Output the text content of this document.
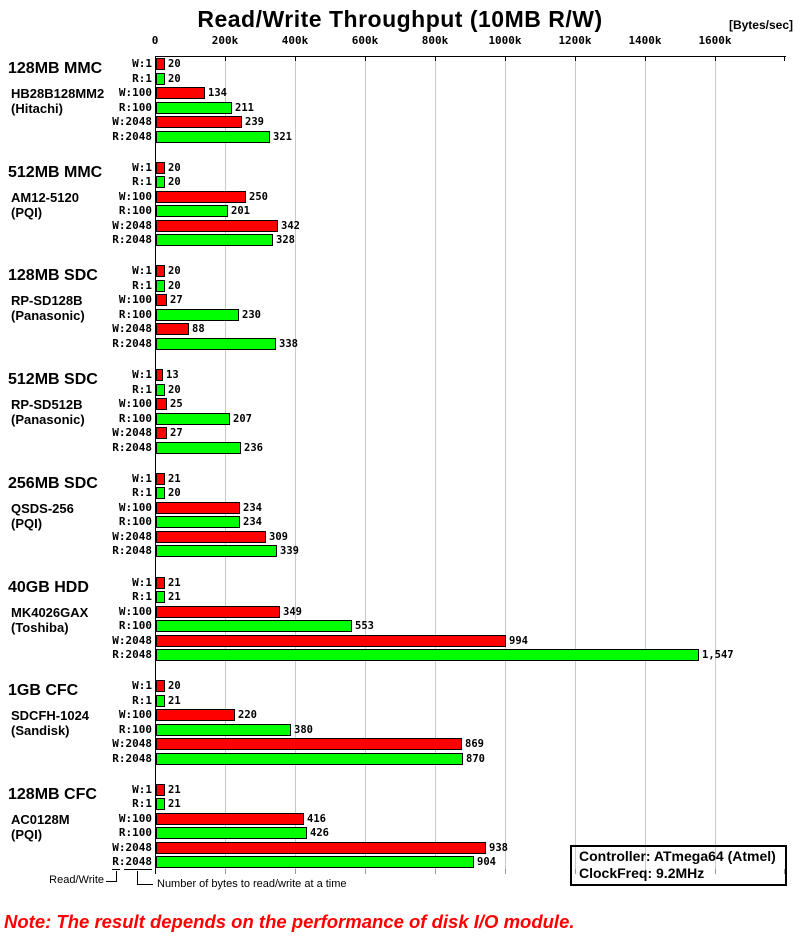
Read/Write Throughput (10MB R/W)	[Bytes/sec]
0	200k	400k	600k	800k	1000k	1200k	1400k	1600k
W:1 20
R:1 20
W:100	134
R:100	211
W:2048	239
R:2048	321
W:1 20
R:1 20
W:100	250
R:100	201
W:2048	342
R:2048	328
W:1 20
R:1 20
W:100 27
R:100	230
W:2048	88
R:2048	338
W:1 13
R:1 20
W:100 25
R:100	207
W:2048 27
R:2048	236
W:1 21
R:1 20
W:100	234
R:100	234
W:2048	309
R:2048	339
W:1 21
R:1 21
W:100	349
R:100	553
W:2048	994
R:2048	1,547
W:1 20
R:1 21
W:100	220
R:100	380
W:2048	869
R:2048	870
W:1 21
R:1 21
W:100	416
R:100	426
W:2048	938
R:2048	904
128MB MMC
HB28B128MM2
(Hitachi)
512MB MMC
AM12-5120
(PQI)
128MB SDC
RP-SD128B
(Panasonic)
512MB SDC
RP-SD512B
(Panasonic)
256MB SDC
QSDS-256
(PQI)
40GB HDD
MK4026GAX
(Toshiba)
1GB CFC
SDCFH-1024
(Sandisk)
128MB CFC
AC0128M
(PQI)
Read/Write	Number of bytes to read/write at a time
Controller: ATmega64 (Atmel)
ClockFreq: 9.2MHz
Note: The result depends on the performance of disk I/O module.
